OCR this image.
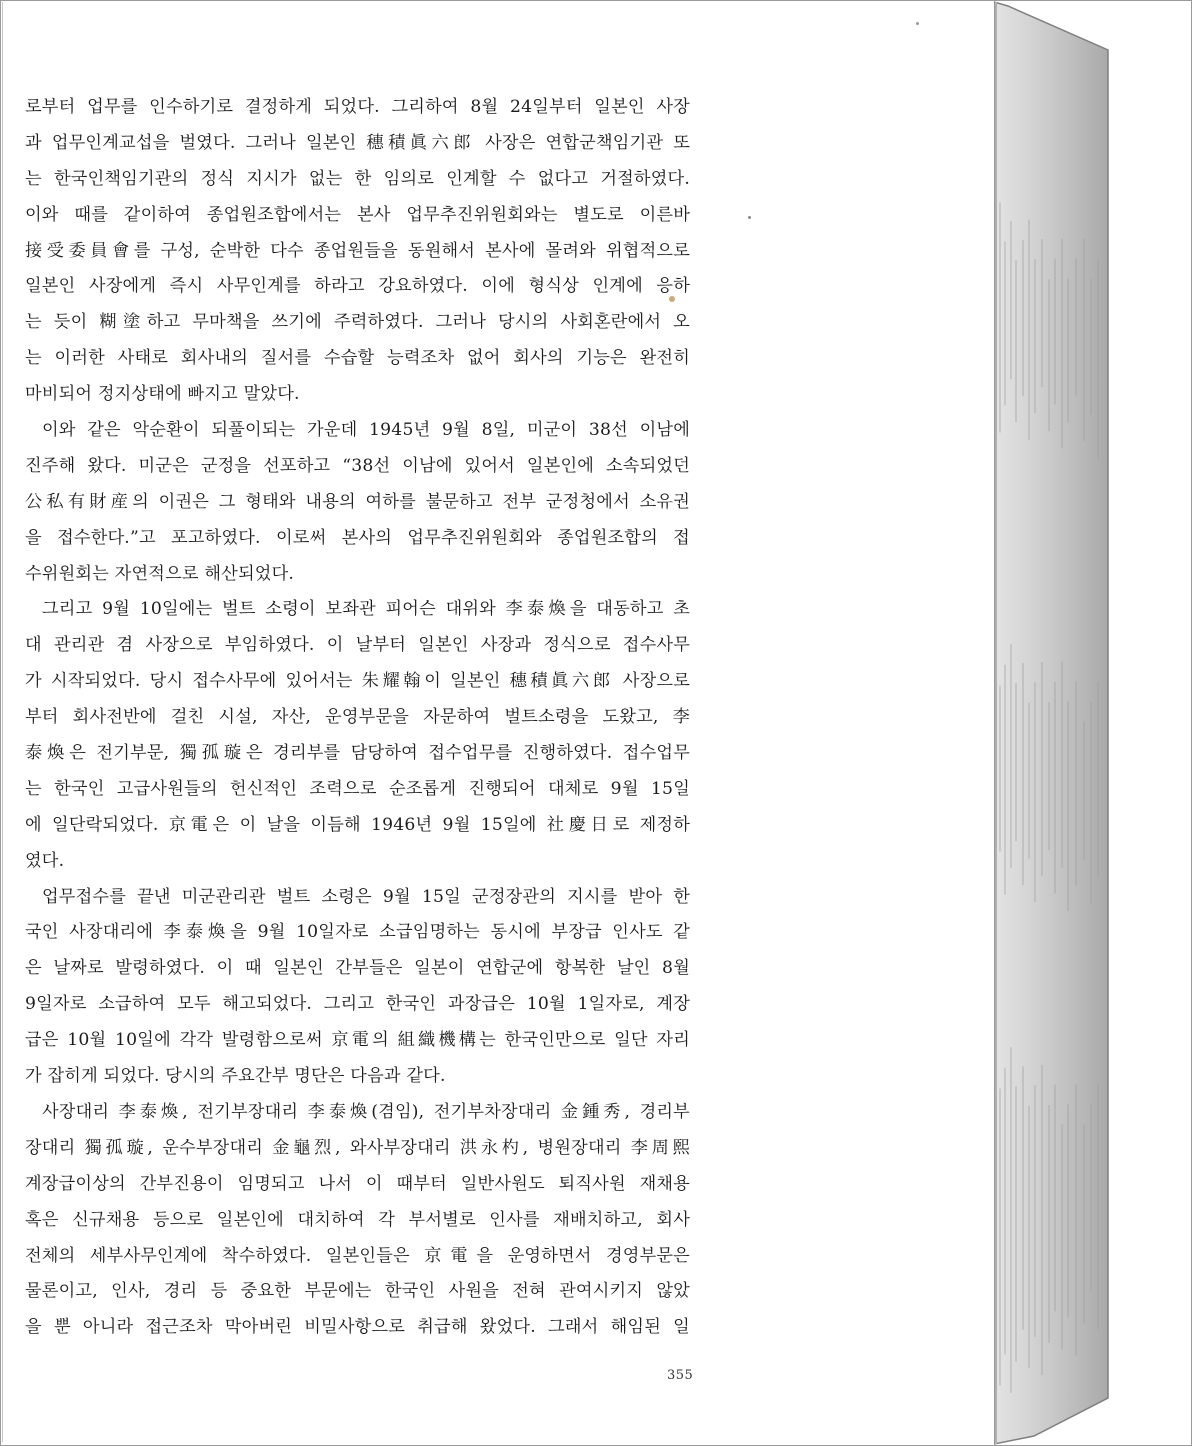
로부터 업무를 인수하기로 결정하게 되었다. 그리하여 8월 24일부터 일본인 사장
과 업무인계교섭을 벌였다. 그러나 일본인 穗積眞六郎 사장은 연합군책임기관 또
는 한국인책임기관의 정식 지시가 없는 한 임의로 인계할 수 없다고 거절하였다.
이와 때를 같이하여 종업원조합에서는 본사 업무추진위원회와는 별도로 이른바
接受委員會를 구성, 순박한 다수 종업원들을 동원해서 본사에 몰려와 위협적으로
일본인 사장에게 즉시 사무인계를 하라고 강요하였다. 이에 형식상 인계에 응하
는 듯이 糊塗하고 무마책을 쓰기에 주력하였다. 그러나 당시의 사회혼란에서 오
는 이러한 사태로 회사내의 질서를 수습할 능력조차 없어 회사의 기능은 완전히
마비되어 정지상태에 빠지고 말았다.
이와 같은 악순환이 되풀이되는 가운데 1945년 9월 8일, 미군이 38선 이남에
진주해 왔다. 미군은 군정을 선포하고 “38선 이남에 있어서 일본인에 소속되었던
公私有財産의 이권은 그 형태와 내용의 여하를 불문하고 전부 군정청에서 소유권
을 접수한다.”고 포고하였다. 이로써 본사의 업무추진위원회와 종업원조합의 접
수위원회는 자연적으로 해산되었다.
그리고 9월 10일에는 벌트 소령이 보좌관 피어슨 대위와 李泰煥을 대동하고 초
대 관리관 겸 사장으로 부임하였다. 이 날부터 일본인 사장과 정식으로 접수사무
가 시작되었다. 당시 접수사무에 있어서는 朱耀翰이 일본인 穗積眞六郎 사장으로
부터 회사전반에 걸친 시설, 자산, 운영부문을 자문하여 벌트소령을 도왔고, 李
泰煥은 전기부문, 獨孤璇은 경리부를 담당하여 접수업무를 진행하였다. 접수업무
는 한국인 고급사원들의 헌신적인 조력으로 순조롭게 진행되어 대체로 9월 15일
에 일단락되었다. 京電은 이 날을 이듬해 1946년 9월 15일에 社慶日로 제정하
였다.
업무접수를 끝낸 미군관리관 벌트 소령은 9월 15일 군정장관의 지시를 받아 한
국인 사장대리에 李泰煥을 9월 10일자로 소급임명하는 동시에 부장급 인사도 같
은 날짜로 발령하였다. 이 때 일본인 간부들은 일본이 연합군에 항복한 날인 8월
9일자로 소급하여 모두 해고되었다. 그리고 한국인 과장급은 10월 1일자로, 계장
급은 10월 10일에 각각 발령함으로써 京電의 組織機構는 한국인만으로 일단 자리
가 잡히게 되었다. 당시의 주요간부 명단은 다음과 같다.
사장대리 李泰煥, 전기부장대리 李泰煥(겸임), 전기부차장대리 金鍾秀, 경리부
장대리 獨孤璇, 운수부장대리 金龜烈, 와사부장대리 洪永杓, 병원장대리 李周熙
계장급이상의 간부진용이 임명되고 나서 이 때부터 일반사원도 퇴직사원 재채용
혹은 신규채용 등으로 일본인에 대치하여 각 부서별로 인사를 재배치하고, 회사
전체의 세부사무인계에 착수하였다. 일본인들은 京電을 운영하면서 경영부문은
물론이고, 인사, 경리 등 중요한 부문에는 한국인 사원을 전혀 관여시키지 않았
을 뿐 아니라 접근조차 막아버린 비밀사항으로 취급해 왔었다. 그래서 해임된 일
355
